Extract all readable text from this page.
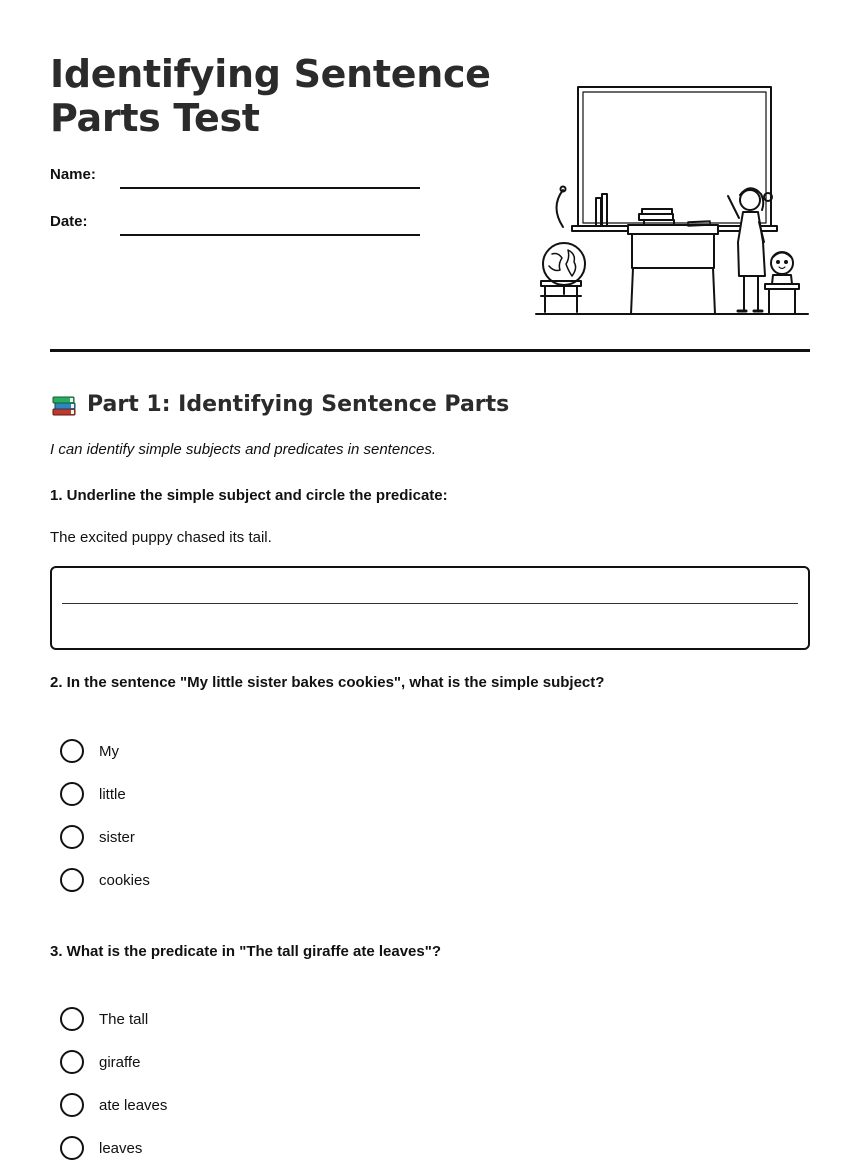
Identifying Sentence
Parts Test
Name:
Date:
Part 1: Identifying Sentence Parts
I can identify simple subjects and predicates in sentences.
1. Underline the simple subject and circle the predicate:
The excited puppy chased its tail.
2. In the sentence "My little sister bakes cookies", what is the simple subject?
My
little
sister
cookies
3. What is the predicate in "The tall giraffe ate leaves"?
The tall
giraffe
ate leaves
leaves
